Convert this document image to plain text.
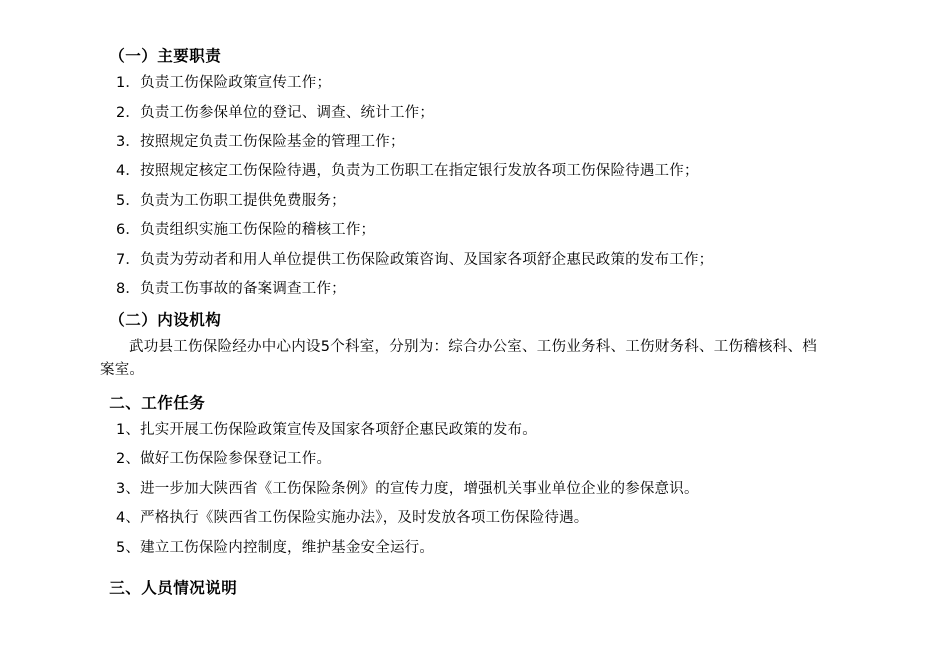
（一）主要职责
1．负责工伤保险政策宣传工作；
2．负责工伤参保单位的登记、调查、统计工作；
3．按照规定负责工伤保险基金的管理工作；
4．按照规定核定工伤保险待遇，负责为工伤职工在指定银行发放各项工伤保险待遇工作；
5．负责为工伤职工提供免费服务；
6．负责组织实施工伤保险的稽核工作；
7．负责为劳动者和用人单位提供工伤保险政策咨询、及国家各项舒企惠民政策的发布工作；
8．负责工伤事故的备案调查工作；
（二）内设机构
武功县工伤保险经办中心内设5个科室，分别为：综合办公室、工伤业务科、工伤财务科、工伤稽核科、档案室。
二、工作任务
1、扎实开展工伤保险政策宣传及国家各项舒企惠民政策的发布。
2、做好工伤保险参保登记工作。
3、进一步加大陕西省《工伤保险条例》的宣传力度，增强机关事业单位企业的参保意识。
4、严格执行《陕西省工伤保险实施办法》，及时发放各项工伤保险待遇。
5、建立工伤保险内控制度，维护基金安全运行。
三、人员情况说明
